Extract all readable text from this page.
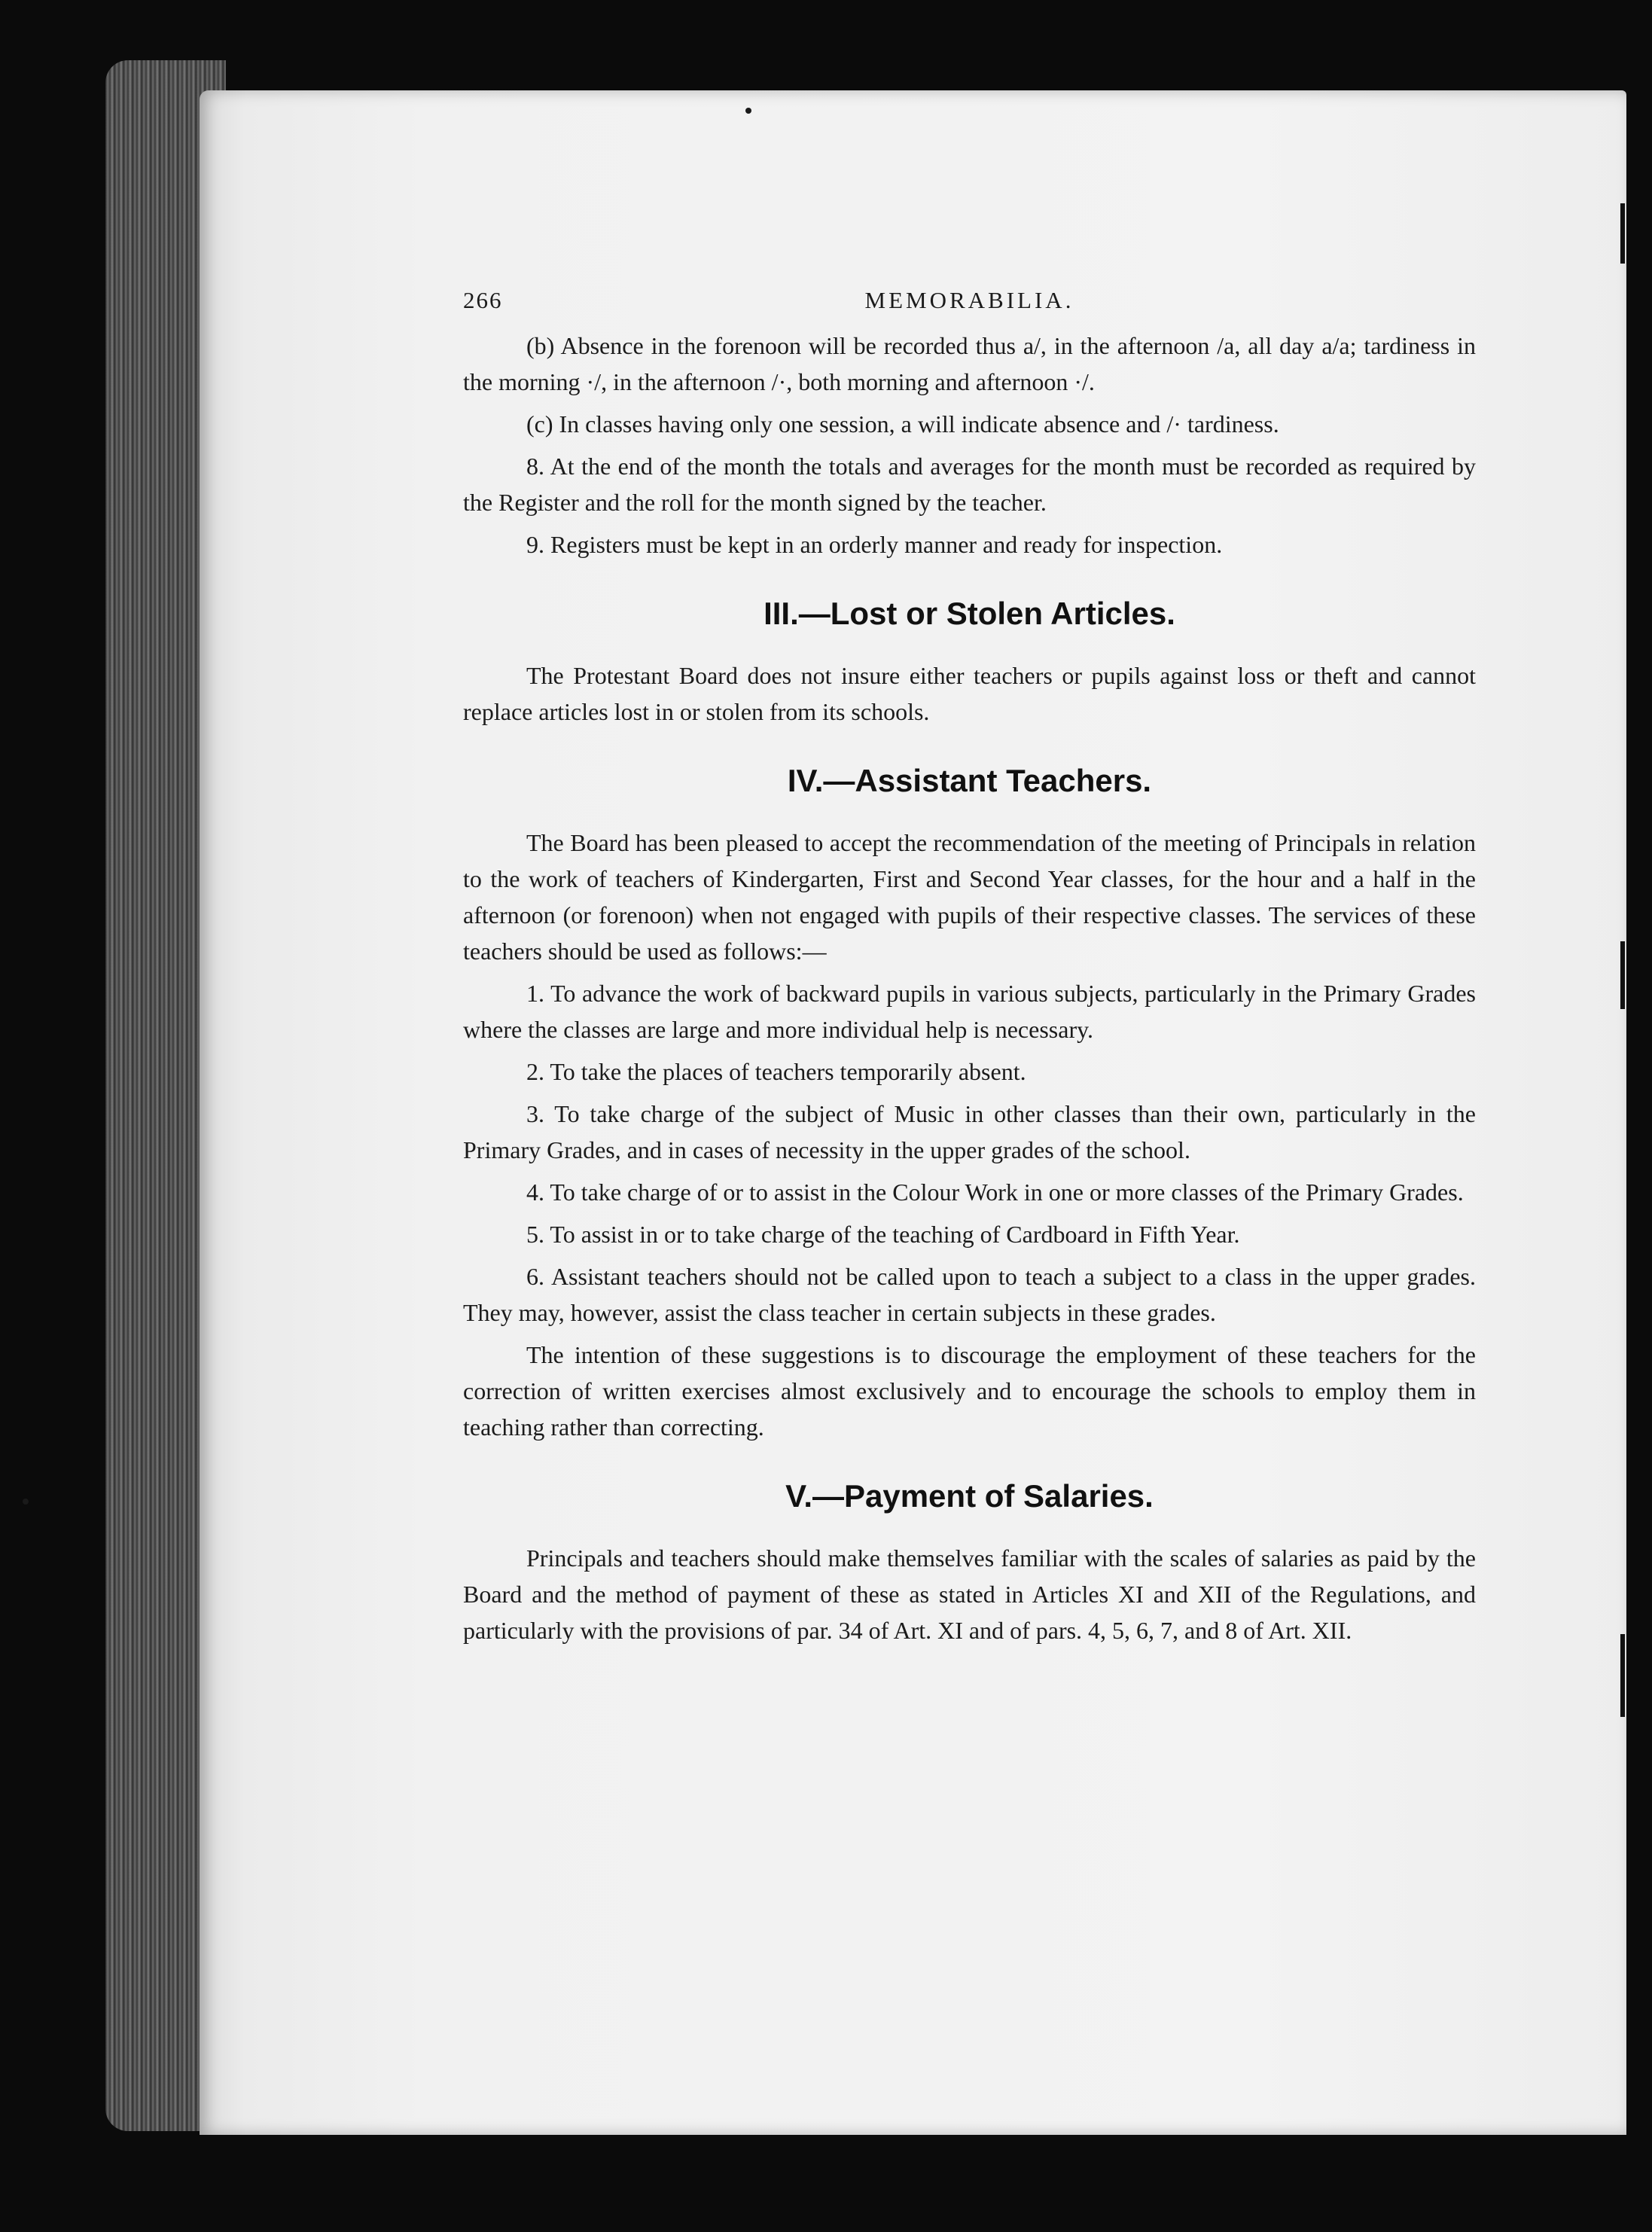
266	MEMORABILIA.

(b) Absence in the forenoon will be recorded thus a/, in the afternoon /a, all day a/a; tardiness in the morning ·/, in the afternoon /·, both morning and afternoon ·/.

(c) In classes having only one session, a will indicate absence and /· tardiness.

8. At the end of the month the totals and averages for the month must be recorded as required by the Register and the roll for the month signed by the teacher.

9. Registers must be kept in an orderly manner and ready for inspection.

III.—Lost or Stolen Articles.

The Protestant Board does not insure either teachers or pupils against loss or theft and cannot replace articles lost in or stolen from its schools.

IV.—Assistant Teachers.

The Board has been pleased to accept the recommendation of the meeting of Principals in relation to the work of teachers of Kindergarten, First and Second Year classes, for the hour and a half in the afternoon (or forenoon) when not engaged with pupils of their respective classes. The services of these teachers should be used as follows:—

1. To advance the work of backward pupils in various subjects, particularly in the Primary Grades where the classes are large and more individual help is necessary.

2. To take the places of teachers temporarily absent.

3. To take charge of the subject of Music in other classes than their own, particularly in the Primary Grades, and in cases of necessity in the upper grades of the school.

4. To take charge of or to assist in the Colour Work in one or more classes of the Primary Grades.

5. To assist in or to take charge of the teaching of Cardboard in Fifth Year.

6. Assistant teachers should not be called upon to teach a subject to a class in the upper grades. They may, however, assist the class teacher in certain subjects in these grades.

The intention of these suggestions is to discourage the employment of these teachers for the correction of written exercises almost exclusively and to encourage the schools to employ them in teaching rather than correcting.

V.—Payment of Salaries.

Principals and teachers should make themselves familiar with the scales of salaries as paid by the Board and the method of payment of these as stated in Articles XI and XII of the Regulations, and particularly with the provisions of par. 34 of Art. XI and of pars. 4, 5, 6, 7, and 8 of Art. XII.
